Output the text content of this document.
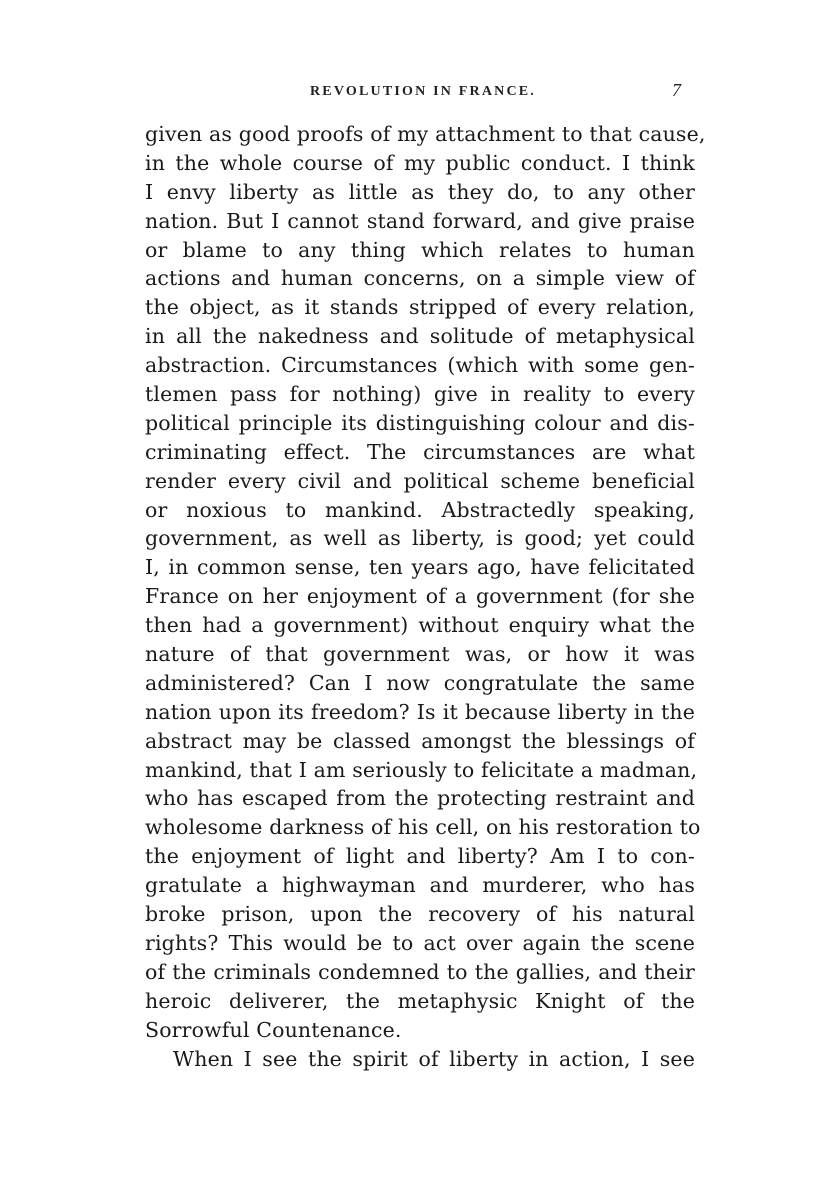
REVOLUTION IN FRANCE.	7
given as good proofs of my attachment to that cause,
in the whole course of my public conduct. I think
I envy liberty as little as they do, to any other
nation. But I cannot stand forward, and give praise
or blame to any thing which relates to human
actions and human concerns, on a simple view of
the object, as it stands stripped of every relation,
in all the nakedness and solitude of metaphysical
abstraction. Circumstances (which with some gen-
tlemen pass for nothing) give in reality to every
political principle its distinguishing colour and dis-
criminating effect. The circumstances are what
render every civil and political scheme beneficial
or noxious to mankind. Abstractedly speaking,
government, as well as liberty, is good; yet could
I, in common sense, ten years ago, have felicitated
France on her enjoyment of a government (for she
then had a government) without enquiry what the
nature of that government was, or how it was
administered? Can I now congratulate the same
nation upon its freedom? Is it because liberty in the
abstract may be classed amongst the blessings of
mankind, that I am seriously to felicitate a madman,
who has escaped from the protecting restraint and
wholesome darkness of his cell, on his restoration to
the enjoyment of light and liberty? Am I to con-
gratulate a highwayman and murderer, who has
broke prison, upon the recovery of his natural
rights? This would be to act over again the scene
of the criminals condemned to the gallies, and their
heroic deliverer, the metaphysic Knight of the
Sorrowful Countenance.
When I see the spirit of liberty in action, I see
